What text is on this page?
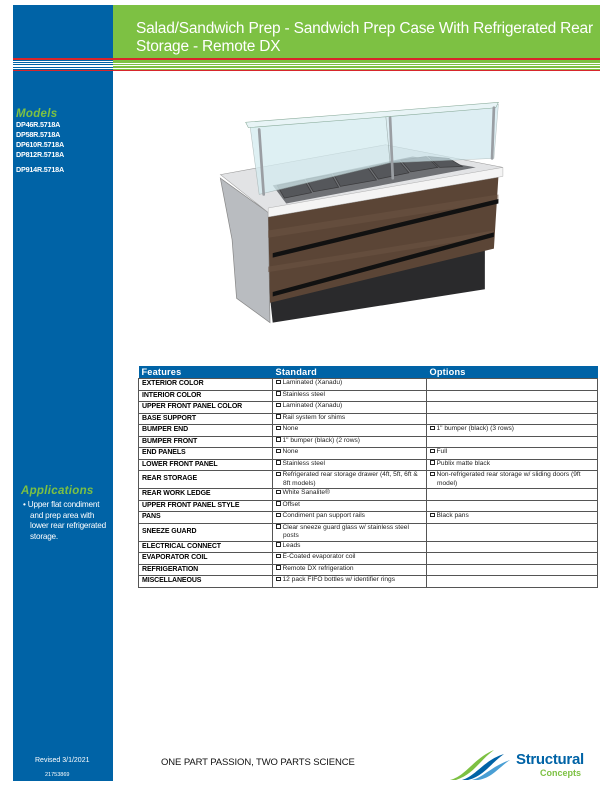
Salad/Sandwich Prep - Sandwich Prep Case With Refrigerated Rear Storage - Remote DX
Models
DP46R.5718A
DP58R.5718A
DP610R.5718A
DP812R.5718A
DP914R.5718A
Applications
• Upper flat condiment and prep area with lower rear refrigerated storage.
Features	Standard	Options
EXTERIOR COLOR	Laminated (Xanadu)	
INTERIOR COLOR	Stainless steel	
UPPER FRONT PANEL COLOR	Laminated (Xanadu)	
BASE SUPPORT	Rail system for shims	
BUMPER END	None	1" bumper (black) (3 rows)
BUMPER FRONT	1" bumper (black) (2 rows)	
END PANELS	None	Full
LOWER FRONT PANEL	Stainless steel	Publix matte black
REAR STORAGE	Refrigerated rear storage drawer (4ft, 5ft, 6ft & 8ft models)	Non-refrigerated rear storage w/ sliding doors (9ft model)

REAR WORK LEDGE	White Sanalite®	
UPPER FRONT PANEL STYLE	Offset	
PANS	Condiment pan support rails	Black pans
SNEEZE GUARD	Clear sneeze guard glass w/ stainless steel posts	

ELECTRICAL CONNECT	Leads	
EVAPORATOR COIL	E-Coated evaporator coil	
REFRIGERATION	Remote DX refrigeration	
MISCELLANEOUS	12 pack FIFO bottles w/ identifier rings	
Revised 3/1/2021
21753869
ONE PART PASSION, TWO PARTS SCIENCE	Structural
Concepts
